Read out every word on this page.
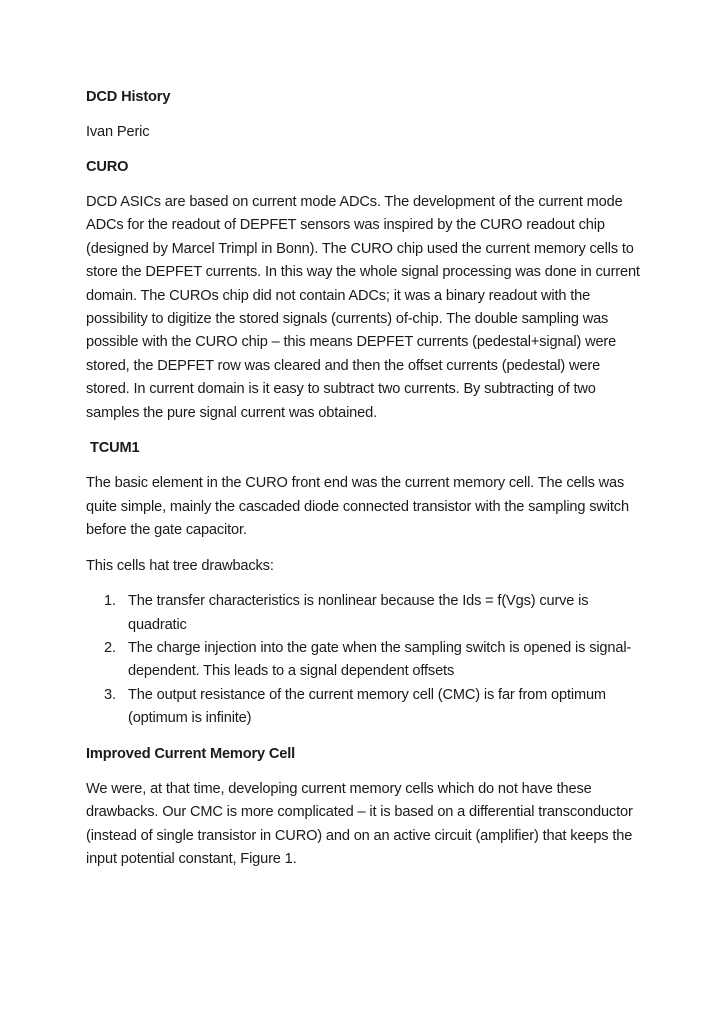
DCD History

Ivan Peric

CURO

DCD ASICs are based on current mode ADCs. The development of the current mode ADCs for the readout of DEPFET sensors was inspired by the CURO readout chip (designed by Marcel Trimpl in Bonn). The CURO chip used the current memory cells to store the DEPFET currents. In this way the whole signal processing was done in current domain. The CUROs chip did not contain ADCs; it was a binary readout with the possibility to digitize the stored signals (currents) of-chip. The double sampling was possible with the CURO chip – this means DEPFET currents (pedestal+signal) were stored, the DEPFET row was cleared and then the offset currents (pedestal) were stored. In current domain is it easy to subtract two currents. By subtracting of two samples the pure signal current was obtained.

TCUM1

The basic element in the CURO front end was the current memory cell. The cells was quite simple, mainly the cascaded diode connected transistor with the sampling switch before the gate capacitor.

This cells hat tree drawbacks:

1. The transfer characteristics is nonlinear because the Ids = f(Vgs) curve is quadratic
2. The charge injection into the gate when the sampling switch is opened is signal-dependent. This leads to a signal dependent offsets
3. The output resistance of the current memory cell (CMC) is far from optimum (optimum is infinite)

Improved Current Memory Cell

We were, at that time, developing current memory cells which do not have these drawbacks. Our CMC is more complicated – it is based on a differential transconductor (instead of single transistor in CURO) and on an active circuit (amplifier) that keeps the input potential constant, Figure 1.
